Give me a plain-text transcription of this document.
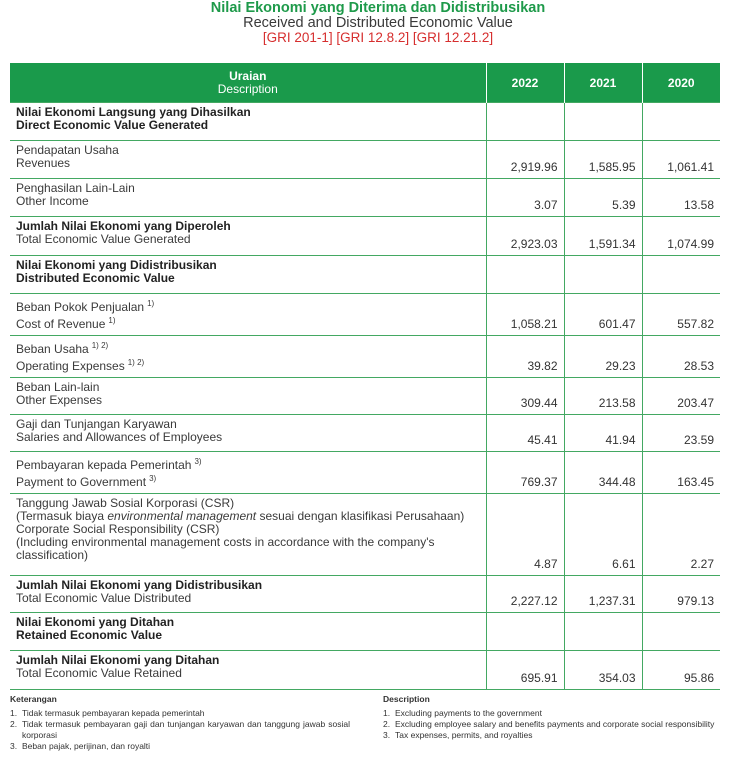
Nilai Ekonomi yang Diterima dan Didistribusikan
Received and Distributed Economic Value
[GRI 201-1] [GRI 12.8.2] [GRI 12.21.2]
Uraian
Description	2022	2021	2020

Nilai Ekonomi Langsung yang Dihasilkan
Direct Economic Value Generated			

Pendapatan Usaha
Revenues	2,919.96	1,585.95	1,061.41

Penghasilan Lain-Lain
Other Income	3.07	5.39	13.58

Jumlah Nilai Ekonomi yang Diperoleh
Total Economic Value Generated	2,923.03	1,591.34	1,074.99

Nilai Ekonomi yang Didistribusikan
Distributed Economic Value			

Beban Pokok Penjualan $^{1)}$
Cost of Revenue $^{1)}$	1,058.21	601.47	557.82

Beban Usaha $^{1) 2)}$
Operating Expenses $^{1) 2)}$	39.82	29.23	28.53

Beban Lain-lain
Other Expenses	309.44	213.58	203.47

Gaji dan Tunjangan Karyawan
Salaries and Allowances of Employees	45.41	41.94	23.59

Pembayaran kepada Pemerintah $^{3)}$
Payment to Government $^{3)}$	769.37	344.48	163.45

Tanggung Jawab Sosial Korporasi (CSR)
(Termasuk biaya environmental management sesuai dengan klasifikasi Perusahaan)
Corporate Social Responsibility (CSR)
(Including environmental management costs in accordance with the company's classification)	4.87	6.61	2.27

Jumlah Nilai Ekonomi yang Didistribusikan
Total Economic Value Distributed	2,227.12	1,237.31	979.13

Nilai Ekonomi yang Ditahan
Retained Economic Value			

Jumlah Nilai Ekonomi yang Ditahan
Total Economic Value Retained	695.91	354.03	95.86
Keterangan
1. Tidak termasuk pembayaran kepada pemerintah
2. Tidak termasuk pembayaran gaji dan tunjangan karyawan dan tanggung jawab sosial korporasi
3. Beban pajak, perijinan, dan royalti
Description
1. Excluding payments to the government
2. Excluding employee salary and benefits payments and corporate social responsibility
3. Tax expenses, permits, and royalties
